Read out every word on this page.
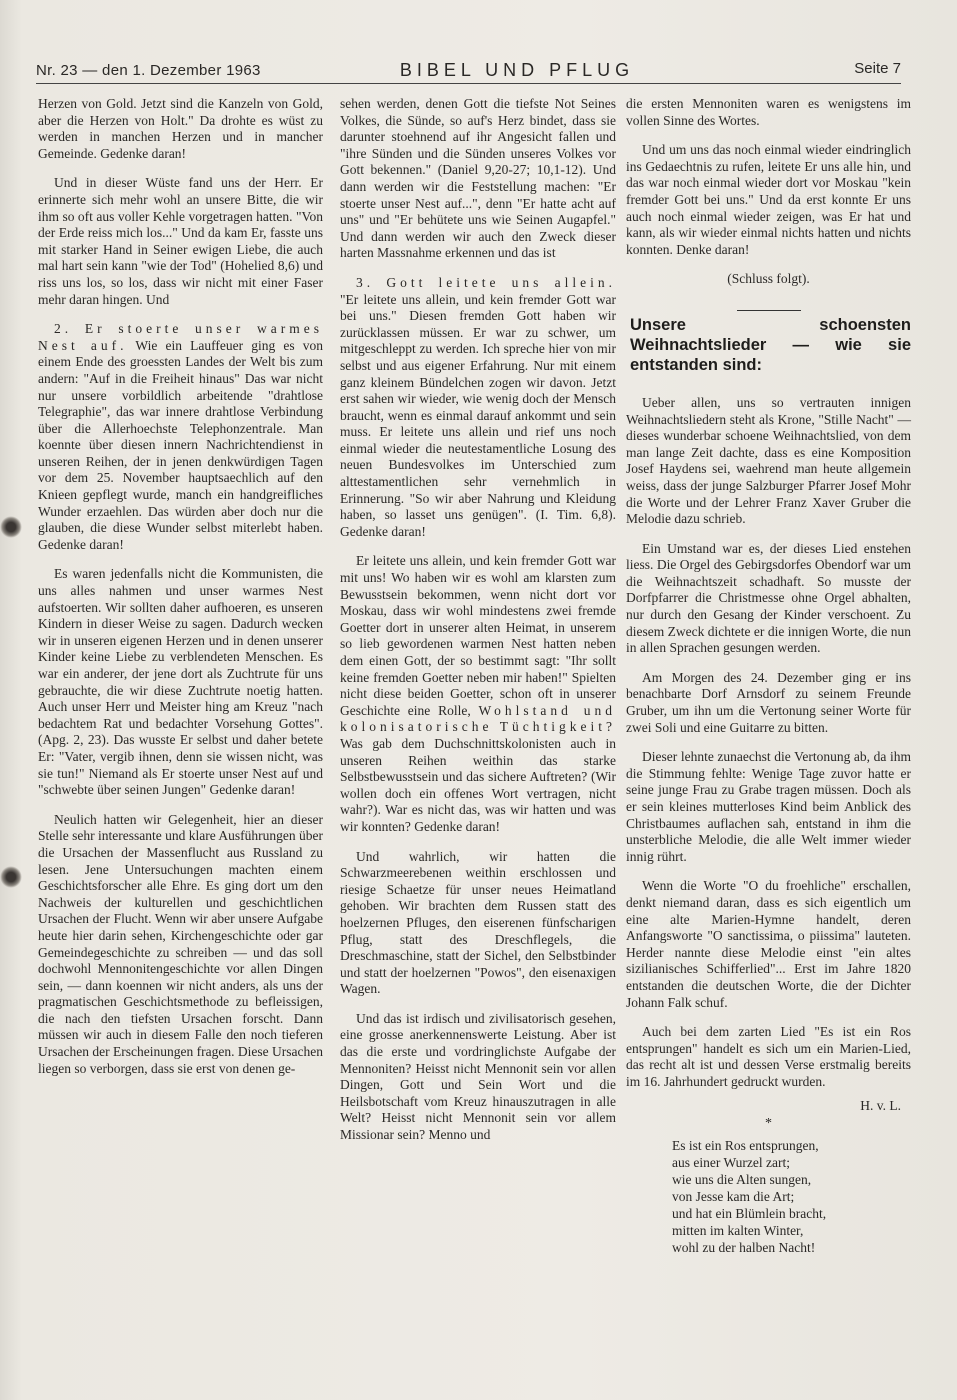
Nr. 23 — den 1. Dezember 1963	BIBEL UND PFLUG	Seite 7

Herzen von Gold. Jetzt sind die Kanzeln von Gold, aber die Herzen von Holt." Da drohte es wüst zu werden in manchen Herzen und in mancher Gemeinde. Gedenke daran!

Und in dieser Wüste fand uns der Herr. Er erinnerte sich mehr wohl an unsere Bitte, die wir ihm so oft aus voller Kehle vorgetragen hatten. "Von der Erde reiss mich los..." Und da kam Er, fasste uns mit starker Hand in Seiner ewigen Liebe, die auch mal hart sein kann "wie der Tod" (Hohelied 8,6) und riss uns los, so los, dass wir nicht mit einer Faser mehr daran hingen. Und

2. Er stoerte unser warmes Nest auf. Wie ein Lauffeuer ging es von einem Ende des groessten Landes der Welt bis zum andern: "Auf in die Freiheit hinaus" Das war nicht nur unsere vorbildlich arbeitende "drahtlose Telegraphie", das war innere drahtlose Verbindung über die Allerhoechste Telephonzentrale. Man koennte über diesen innern Nachrichtendienst in unseren Reihen, der in jenen denkwürdigen Tagen vor dem 25. November hauptsaechlich auf den Knieen gepflegt wurde, manch ein handgreifliches Wunder erzaehlen. Das würden aber doch nur die glauben, die diese Wunder selbst miterlebt haben. Gedenke daran!

Es waren jedenfalls nicht die Kommunisten, die uns alles nahmen und unser warmes Nest aufstoerten. Wir sollten daher aufhoeren, es unseren Kindern in dieser Weise zu sagen. Dadurch wecken wir in unseren eigenen Herzen und in denen unserer Kinder keine Liebe zu verblendeten Menschen. Es war ein anderer, der jene dort als Zuchtrute für uns gebrauchte, die wir diese Zuchtrute noetig hatten. Auch unser Herr und Meister hing am Kreuz "nach bedachtem Rat und bedachter Vorsehung Gottes". (Apg. 2, 23). Das wusste Er selbst und daher betete Er: "Vater, vergib ihnen, denn sie wissen nicht, was sie tun!" Niemand als Er stoerte unser Nest auf und "schwebte über seinen Jungen" Gedenke daran!

Neulich hatten wir Gelegenheit, hier an dieser Stelle sehr interessante und klare Ausführungen über die Ursachen der Massenflucht aus Russland zu lesen. Jene Untersuchungen machten einem Geschichtsforscher alle Ehre. Es ging dort um den Nachweis der kulturellen und geschichtlichen Ursachen der Flucht. Wenn wir aber unsere Aufgabe heute hier darin sehen, Kirchengeschichte oder gar Gemeindegeschichte zu schreiben — und das soll dochwohl Mennonitengeschichte vor allen Dingen sein, — dann koennen wir nicht anders, als uns der pragmatischen Geschichtsmethode zu befleissigen, die nach den tiefsten Ursachen forscht. Dann müssen wir auch in diesem Falle den noch tieferen Ursachen der Erscheinungen fragen. Diese Ursachen liegen so verborgen, dass sie erst von denen ge-

sehen werden, denen Gott die tiefste Not Seines Volkes, die Sünde, so auf's Herz bindet, dass sie darunter stoehnend auf ihr Angesicht fallen und "ihre Sünden und die Sünden unseres Volkes vor Gott bekennen." (Daniel 9,20-27; 10,1-12). Und dann werden wir die Feststellung machen: "Er stoerte unser Nest auf...", denn "Er hatte acht auf uns" und "Er behütete uns wie Seinen Augapfel." Und dann werden wir auch den Zweck dieser harten Massnahme erkennen und das ist

3. Gott leitete uns allein. "Er leitete uns allein, und kein fremder Gott war bei uns." Diesen fremden Gott haben wir zurücklassen müssen. Er war zu schwer, um mitgeschleppt zu werden. Ich spreche hier von mir selbst und aus eigener Erfahrung. Nur mit einem ganz kleinem Bündelchen zogen wir davon. Jetzt erst sahen wir wieder, wie wenig doch der Mensch braucht, wenn es einmal darauf ankommt und sein muss. Er leitete uns allein und rief uns noch einmal wieder die neutestamentliche Losung des neuen Bundesvolkes im Unterschied zum alttestamentlichen sehr vernehmlich in Erinnerung. "So wir aber Nahrung und Kleidung haben, so lasset uns genügen". (I. Tim. 6,8). Gedenke daran!

Er leitete uns allein, und kein fremder Gott war mit uns! Wo haben wir es wohl am klarsten zum Bewusstsein bekommen, wenn nicht dort vor Moskau, dass wir wohl mindestens zwei fremde Goetter dort in unserer alten Heimat, in unserem so lieb gewordenen warmen Nest hatten neben dem einen Gott, der so bestimmt sagt: "Ihr sollt keine fremden Goetter neben mir haben!" Spielten nicht diese beiden Goetter, schon oft in unserer Geschichte eine Rolle, Wohlstand und kolonisatorische Tüchtigkeit? Was gab dem Duchschnittskolonisten auch in unseren Reihen weithin das starke Selbstbewusstsein und das sichere Auftreten? (Wir wollen doch ein offenes Wort vertragen, nicht wahr?). War es nicht das, was wir hatten und was wir konnten? Gedenke daran!

Und wahrlich, wir hatten die Schwarzmeerebenen weithin erschlossen und riesige Schaetze für unser neues Heimatland gehoben. Wir brachten dem Russen statt des hoelzernen Pfluges, den eiserenen fünfscharigen Pflug, statt des Dreschflegels, die Dreschmaschine, statt der Sichel, den Selbstbinder und statt der hoelzernen "Powos", den eisenaxigen Wagen.

Und das ist irdisch und zivilisatorisch gesehen, eine grosse anerkennenswerte Leistung. Aber ist das die erste und vordringlichste Aufgabe der Mennoniten? Heisst nicht Mennonit sein vor allen Dingen, Gott und Sein Wort und die Heilsbotschaft vom Kreuz hinauszutragen in alle Welt? Heisst nicht Mennonit sein vor allem Missionar sein? Menno und

die ersten Mennoniten waren es wenigstens im vollen Sinne des Wortes.

Und um uns das noch einmal wieder eindringlich ins Gedaechtnis zu rufen, leitete Er uns alle hin, und das war noch einmal wieder dort vor Moskau "kein fremder Gott bei uns." Und da erst konnte Er uns auch noch einmal wieder zeigen, was Er hat und kann, als wir wieder einmal nichts hatten und nichts konnten. Denke daran!

(Schluss folgt).
Unsere schoensten Weihnachtslieder — wie sie entstanden sind:

Ueber allen, uns so vertrauten innigen Weihnachtsliedern steht als Krone, "Stille Nacht" — dieses wunderbar schoene Weihnachtslied, von dem man lange Zeit dachte, dass es eine Komposition Josef Haydens sei, waehrend man heute allgemein weiss, dass der junge Salzburger Pfarrer Josef Mohr die Worte und der Lehrer Franz Xaver Gruber die Melodie dazu schrieb.

Ein Umstand war es, der dieses Lied enstehen liess. Die Orgel des Gebirgsdorfes Obendorf war um die Weihnachtszeit schadhaft. So musste der Dorfpfarrer die Christmesse ohne Orgel abhalten, nur durch den Gesang der Kinder verschoent. Zu diesem Zweck dichtete er die innigen Worte, die nun in allen Sprachen gesungen werden.

Am Morgen des 24. Dezember ging er ins benachbarte Dorf Arnsdorf zu seinem Freunde Gruber, um ihn um die Vertonung seiner Worte für zwei Soli und eine Guitarre zu bitten.

Dieser lehnte zunaechst die Vertonung ab, da ihm die Stimmung fehlte: Wenige Tage zuvor hatte er seine junge Frau zu Grabe tragen müssen. Doch als er sein kleines mutterloses Kind beim Anblick des Christbaumes auflachen sah, entstand in ihm die unsterbliche Melodie, die alle Welt immer wieder innig rührt.

Wenn die Worte "O du froehliche" erschallen, denkt niemand daran, dass es sich eigentlich um eine alte Marien-Hymne handelt, deren Anfangsworte "O sanctissima, o piissima" lauteten. Herder nannte diese Melodie einst "ein altes sizilianisches Schifferlied"... Erst im Jahre 1820 entstanden die deutschen Worte, die der Dichter Johann Falk schuf.

Auch bei dem zarten Lied "Es ist ein Ros entsprungen" handelt es sich um ein Marien-Lied, das recht alt ist und dessen Verse erstmalig bereits im 16. Jahrhundert gedruckt wurden.

H. v. L.
*
Es ist ein Ros entsprungen,
aus einer Wurzel zart;
wie uns die Alten sungen,
von Jesse kam die Art;
und hat ein Blümlein bracht,
mitten im kalten Winter,
wohl zu der halben Nacht!
